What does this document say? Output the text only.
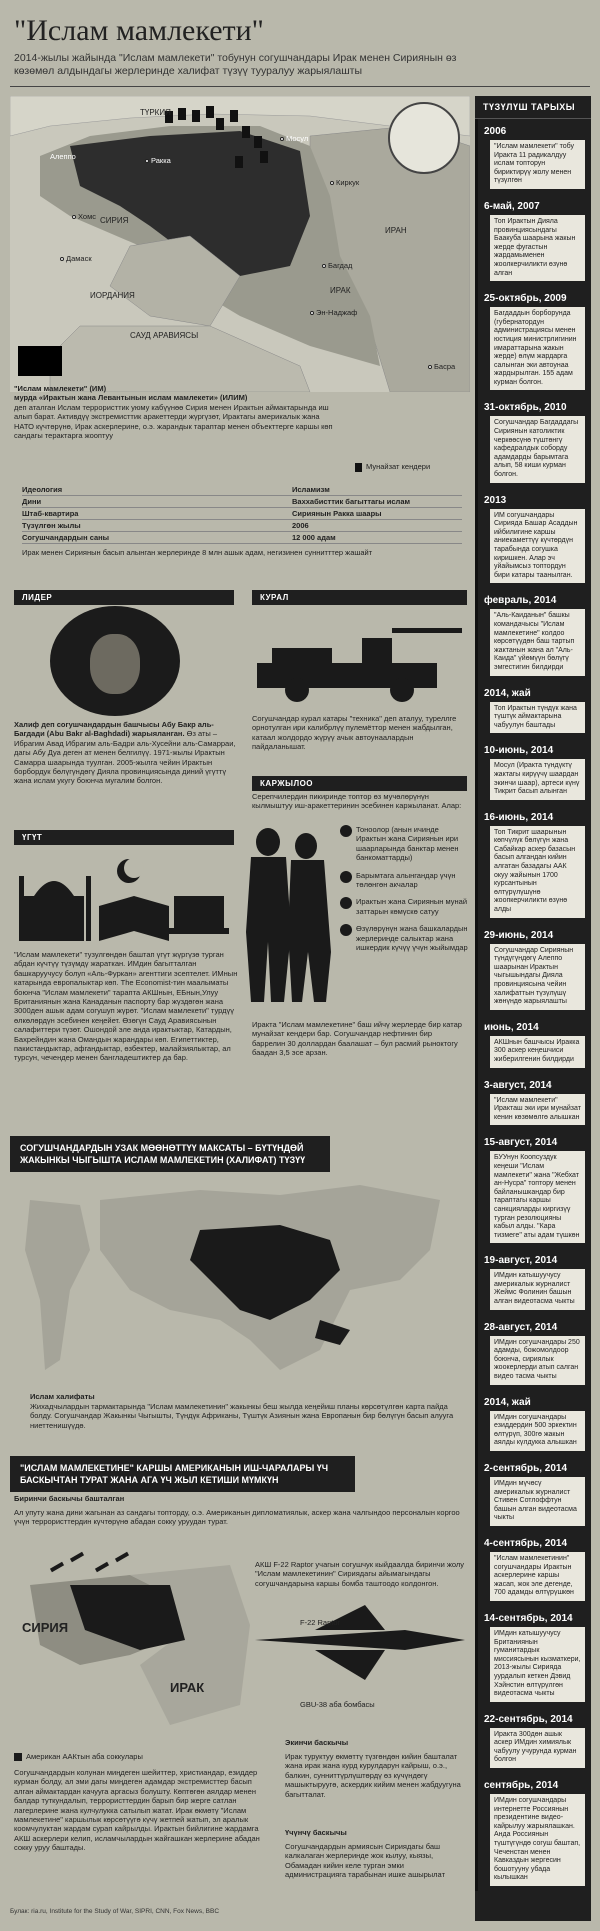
"Ислам мамлекети"
2014-жылы жайында "Ислам мамлекети" тобунун согушчандары Ирак менен Сириянын өз көзөмөл алдындагы жерлеринде халифат түзүү тууралуу жарыялашты
ТҮРКИЯ
СИРИЯ
ИРАК
ИРАН
ИОРДАНИЯ
САУД АРАВИЯСЫ
Алеппо	Ракка
Мосул
Киркук
Хомс
Дамаск
Багдад
Эн-Наджаф
Басра
"Ислам мамлекети" (ИМ)
мурда «Ирактын жана Левантынын ислам мамлекети» (ИЛИМ)
деп аталган Ислам террористтик уюму кабүүнөө Сирия менен Ирактын аймактарында иш алып барат. Активдүү экстремисттик аракеттерди жүргүзөт, Ирактагы америкалык жана НАТО күчтөрүнө, Ирак аскерлерине, о.э. жарандык тараптар менен объекттерге каршы көп сандагы терактарга жооптуу
Мунайзат кендери
Идеология	Исламизм
Дини	Ваххабисттик багыттагы ислам
Штаб-квартира	Сириянын Ракка шаары
Түзүлгөн жылы	2006
Согушчандардын саны	12 000 адам
Ирак менен Сириянын басып алынган жерлеринде 8 млн ашык адам, негизинен суннитттер жашайт
ЛИДЕР
Халиф деп согушчандардын башчысы Абу Бакр аль-Багдади (Abu Bakr al-Baghdadi) жарыяланган. Өз аты – Ибрагим Авад Ибрагим аль-Бадри аль-Хусейни аль-Самарраи, дагы Абу Дуа деген ат менен белгилүү. 1971-жылы Ирактын Самарра шаарында туулган. 2005-жылга чейин Ирактын борбордук бөлүгүндөгү Дияла провинциясында диний үгүттү жана ислам укугу боюнча мугалим болгон.
КУРАЛ
Согушчандар курал катары "техника" деп аталуу, туреллге орнотулган ири калибрлүү пулемёттор менен жабдылган, катаал жолдордо жүрүү ачык автоунаалардын пайдаланышат.
КАРЖЫЛОО
Серепчилердин пикиринде топтор өз мучөлөрүнүн кылмыштуу иш-аракеттеринин эсебинен каржыланат. Алар:
Тоноолор (анын ичинде Ирактын жана Сириянын ири шаарларында банктар менен банкоматтарды)
Барымтага алынгандар үчүн төлөнгөн акчалар
Ирактын жана Сириянын мунай заттарын көмүскө сатуу
Өзүлөрүнүн жана башкалардын жерлеринде салыктар жана ишкердик күчүү үчүн жыйымдар
Иракта "Ислам мамлекетине" баш ийчү жерлерде бир катар мунайзат кендери бар. Согушчандар нефтинин бир баррелин 30 доллардан баалашат – бул расмий рыноктогу баадан 3,5 эсе арзан.
ҮГҮТ
"Ислам мамлекети" тузулгөндөн баштап үгүт жүргүзө турган абдан күчтүү түзүмдү жараткан. ИМдин багытталган башкаруучусу болуп «Аль-Фуркан» агенттиги эсептелет. ИМнын катарында европалыктар көп. The Economist-тин маалыматы боюнча "Ислам мамлекети" тарапта АКШнын, ЕБнын,Улуу Британиянын жана Канаданын паспорту бар жүздөгөн жана 3000ден ашык адам согушуп жүрөт. "Ислам мамлекети" турдүү өлкөлөрдүн эсебинен кеңейет. Өзөгүн Сауд Аравиясынын салафиттери түзөт. Ошондой эле анда ирактыктар, Катардын, Бахрейндин жана Омандын жарандары көп. Египеттиктер, пакистандыктар, афгандыктар, өзбектер, малайзиялыктар, ал турсун, чечендер менен бангладештиктер да бар.
СОГУШЧАНДАРДЫН УЗАК МӨӨНӨТТҮҮ МАКСАТЫ – БҮТҮНДӨЙ ЖАКЫНКЫ ЧЫГЫШТА ИСЛАМ МАМЛЕКЕТИН (ХАЛИФАТ) ТҮЗҮҮ
Ислам халифаты
Жихадчылардын тармактарында "Ислам мамлекетинин" жакынкы беш жылда кеңейиш планы көрсөтүлгөн карта пайда болду. Согушчандар Жакынкы Чыгышты, Түндүк Африканы, Түштүк Азиянын жана Европанын бир бөлүгүн басып алууга ниеттенишүүдө.
"ИСЛАМ МАМЛЕКЕТИНЕ" КАРШЫ АМЕРИКАНЫН ИШ-ЧАРАЛАРЫ ҮЧ БАСКЫЧТАН ТУРАТ ЖАНА АГА ҮЧ ЖЫЛ КЕТИШИ МҮМКҮН
Биринчи баскычы башталган
Ал упуту жана дини жагынан аз сандагы топторду, о.э. Американын дипломатиялык, аскер жана чалгындоо персоналын коргоо үчүн террористтердин күчтөрүнө абадан сокку уруудан турат.
СИРИЯ
ИРАК
Американ ААКтын аба соккулары
АКШ F-22 Raptor учагын согушчук кыйдаалда биринчи жолу "Ислам мамлекетинин" Сириядагы айымагындагы согушчандарына каршы бомба таштоодо колдонгон.
F-22 Raptor
GBU-38 аба бомбасы
Экинчи баскычы
Ирак туруктуу өкмөттү түзгөндөн кийин башталат жана ирак жана курд курулдарун кайрыш, о.э., балкин, сунниттүрлүштөрдү өз күчүндөгү машыктыруугө, аскердик кийим менен жабдуугуна багытталат.
Үчүнчү баскычы
Согушчандардын армиясын Сириядагы баш калкалаган жерлеринде жок кылуу, кыязы, Обамадан кийин келе турган эмки администрацияга тарабынан ишке ашырылат
Согушчандардын колунан миңдеген шейиттер, христиандар, езиддер курман болду, ал эми дагы миңдеген адамдар экстремисттер басып алган аймактардан качууга аргасыз болушту. Көптөгөн аялдар менен балдар туткундалып, террористтердин барып бир жерге сатлан лагерлерине жана кулчулукка сатылып жатат. Ирак өкмөтү "Ислам мамлекетине" каршылык көрсөтүүгө күчү жетпей жатып, эл аралык коомчулуктан жардам сурап кайрылды. Ирактын бийлигине жардамга АКШ аскерлери келип, исламчылардын жайгашкан жерлерине абадан сокку уруу баштады.
Булак: ria.ru, Institute for the Study of War, SIPRI, CNN, Fox News, BBC
ТҮЗҮЛҮШ ТАРЫХЫ
2006
"Ислам мамлекети" тобу Иракта 11 радикалдуу ислам топторун бириктирүү жолу менен түзүлгөн
6-май, 2007
Топ Ирактын Дияла провинциясындагы Баакуба шаарына жакын жерде фугастын жардамыменен жоолкерчиликти өзүнө алган
25-октябрь, 2009
Багдаддын борборунда (губернатордун администрациясы менен юстиция министрлигинин имараттарына жакын жерде) өлүм жардарга салынган эки автоунаа жардырылган. 155 адам курман болгон.
31-октябрь, 2010
Согушчандар Багдаддагы Сириянын католиктик черкөөсүнө түштөнгү кафедралдык соборду адамдарды барымтага алып, 58 киши курман болгон.
2013
ИМ согушчандары Сирияда Башар Асаддын ийбилигине каршы аниекаметтүү күчтөрдүн тарабында согушка киришкен. Алар эч уйайымсыз топтордун бири катары таанылган.
февраль, 2014
"Аль-Каиданын" башкы командачысы "Ислам мамлекетине" колдоо көрсөтүүдөн баш тартып жактанын жана ал "Аль-Каида" үйөмүүн бөлүгү эмгестигин билдирди
2014, жай
Топ Ирактын түндүк жана түштүк аймактарына чабуулун баштады
10-июнь, 2014
Мосул (Иракта түндүктү жактагы кирүүчү шаардан экинчи шаар), артеси күнү Тикрит басып алынган
16-июнь, 2014
Топ Тикрит шаарынын көпчүлүк бөлүгүн жана Сабайкар аскер базасын басып алгандан кийин алгатан базадагы ААК окуу жайынын 1700 курсантынын өлтүрүлүшүнө жоопкерчиликти өзүнө алды
29-июнь, 2014
Согушчандар Сириянын түндүгүндөгү Алеппо шаарынан Ирактын чыгышындагы Дияла провинциясына чейин халифаттын түзүлүшү жөнүндө жарыялашты
июнь, 2014
АКШнын башчысы Иракка 300 аскер кеңешчиси жиберилгенин билдирди
3-август, 2014
"Ислам мамлекети" Иракташ эки ири мунайзат кенин көзөмөлгө алышкан
15-август, 2014
БУУнун Коопсуздук кеңеши "Ислам мамлекети" жана "Жебхат ан-Нусра" топтору менен байланышкандар бир тараптагы каршы санкцияларды киргизүү турган резолюцияны кабыл алды. "Кара тизмеге" аты адам түшкөн
19-август, 2014
ИМдин катышуучусу америкалык журналист Жеймс Фолинин башын алган видеотасма чыкты
28-август, 2014
ИМдин согушчандары 250 адамды, божомолдоор боюнча, сириялык жоокерлерди атып салган видео тасма чыкты
2014, жай
ИМдин согушчандары езиддердин 500 эркектин өлтүрүп, 300гө жакын аялды күлдукка алышкан
2-сентябрь, 2014
ИМдин мүчөсү америкалык журналист Стивен Сотлоффтун башын алган видеотасма чыкты
4-сентябрь, 2014
"Ислам мамлекетинин" согушчандары Ирактын аскерлерине каршы жасап, жок эле дегенде, 700 адамды өлтүрүшкөн
14-сентябрь, 2014
ИМдин катышуучусу Британиянын гуманитардык миссиясынын кызматкери, 2013-жылы Сирияда уурдалып кеткен Дэвид Хэйнстин өлтүрүлгөн видеотасма чыкты
22-сентябрь, 2014
Иракта 300дөн ашык аскер ИМдин химиялык чабуулу учурунда курман болгон
сентябрь, 2014
ИМдин согушчандары интернетте Россиянын президентине видео-кайрылуу жарыялашкан. Анда Россиянын түштүгүндө согуш баштап, Чеченстан менен Кавказдын жергесин бошотууну убада кылышкан
